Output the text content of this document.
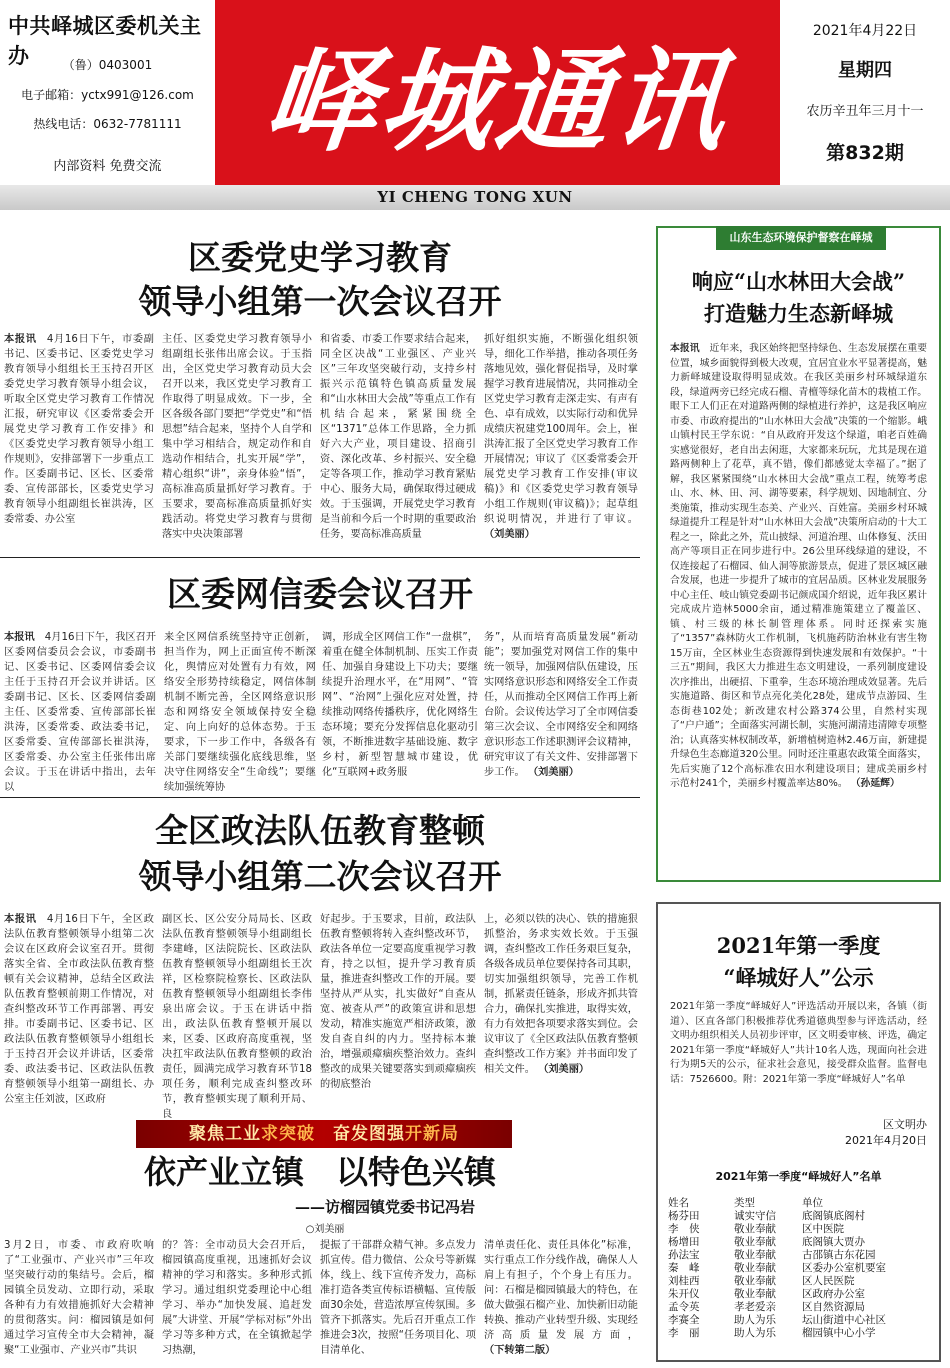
中共峄城区委机关主办	（鲁）0403001
电子邮箱：yctx991@126.com
热线电话：0632-7781111
内部资料 免费交流 峄城通讯
2021年4月22日
星期四
农历辛丑年三月十一
第832期
YI CHENG TONG XUN
区委党史学习教育
领导小组第一次会议召开
本报讯  4月16日下午，市委副书记、区委书记、区委党史学习教育领导小组组长王玉持召开区委党史学习教育领导小组会议，听取全区党史学习教育工作情况汇报，研究审议《区委常委会开展党史学习教育工作安排》和《区委党史学习教育领导小组工作规则》，安排部署下一步重点工作。区委副书记、区长、区委常委、宣传部部长，区委党史学习教育领导小组副组长崔洪涛，区委常委、办公室
主任、区委党史学习教育领导小组副组长张伟出席会议。于玉指出，全区党史学习教育动员大会召开以来，我区党史学习教育工作取得了明显成效。下一步，全区各级各部门要把“学党史”和“悟思想”结合起来，坚持个人自学和集中学习相结合，规定动作和自选动作相结合，扎实开展“学”，精心组织“讲”，亲身体验“悟”，高标准高质量抓好学习教育。于玉要求，要高标准高质量抓好实践活动。将党史学习教育与贯彻落实中央决策部署
和省委、市委工作要求结合起来，同全区决战“工业强区、产业兴区”三年攻坚突破行动，支持乡村振兴示范镇特色镇高质量发展和“山水林田大会战”等重点工作有机结合起来，紧紧围绕全区“1371”总体工作思路，全力抓好六大产业，项目建设、招商引资、深化改革、乡村振兴、安全稳定等各项工作，推动学习教育紧贴中心、服务大局，确保取得过硬成效。于玉强调，开展党史学习教育是当前和今后一个时期的重要政治任务，要高标准高质量
抓好组织实施，不断强化组织领导，细化工作举措，推动各项任务落地见效，强化督促指导，及时掌握学习教育进展情况，共同推动全区党史学习教育走深走实、有声有色、卓有成效，以实际行动和优异成绩庆祝建党100周年。会上，崔洪涛汇报了全区党史学习教育工作开展情况；审议了《区委常委会开展党史学习教育工作安排(审议稿)》和《区委党史学习教育领导小组工作规则(审议稿)》；起草组织说明情况，并进行了审议。 （刘美丽）
区委网信委会议召开
本报讯  4月16日下午，我区召开区委网信委员会会议，市委副书记、区委书记、区委网信委会议主任于玉持召开会议并讲话。区委副书记、区长、区委网信委副主任、区委常委、宣传部部长崔洪涛，区委常委、政法委书记，区委常委、宣传部部长崔洪涛，区委常委、办公室主任张伟出席会议。于玉在讲话中指出，去年以
来全区网信系统坚持守正创新，担当作为，网上正面宣传不断深化，舆情应对处置有力有效，网络安全形势持续稳定，网信体制机制不断完善，全区网络意识形态和网络安全领域保持安全稳定、向上向好的总体态势。于玉要求，下一步工作中，各级各有关部门要继续强化底线思维，坚决守住网络安全“生命线”；要继续加强统筹协
调，形成全区网信工作“一盘棋”，着重在健全体制机制、压实工作责任、加强自身建设上下功夫；要继续提升治理水平，在“用网”、“管网”、“治网”上强化应对处置，持续推动网络传播秩序，优化网络生态环境；要充分发挥信息化驱动引领，不断推进数字基础设施、数字乡村，新型智慧城市建设，优化“互联网+政务服
务”，从而培育高质量发展“新动能”；要加强党对网信工作的集中统一领导，加强网信队伍建设，压实网络意识形态和网络安全工作责任，从而推动全区网信工作再上新台阶。会议传达学习了全市网信委第三次会议、全市网络安全和网络意识形态工作述职测评会议精神，研究审议了有关文件、安排部署下步工作。 （刘美丽）
全区政法队伍教育整顿
领导小组第二次会议召开
本报讯  4月16日下午，全区政法队伍教育整顿领导小组第二次会议在区政府会议室召开。贯彻落实全省、全市政法队伍教育整顿有关会议精神，总结全区政法队伍教育整顿前期工作情况，对查纠整改环节工作再部署、再安排。市委副书记、区委书记、区政法队伍教育整顿领导小组组长于玉持召开会议并讲话，区委常委、政法委书记、区政法队伍教育整顿领导小组第一副组长、办公室主任刘波，区政府
副区长、区公安分局局长、区政法队伍教育整顿领导小组副组长李建峰，区法院院长、区政法队伍教育整顿领导小组副组长王次祥，区检察院检察长、区政法队伍教育整顿领导小组副组长李伟泉出席会议。于玉在讲话中指出，政法队伍教育整顿开展以来，区委、区政府高度重视，坚决扛牢政法队伍教育整顿的政治责任，圆满完成学习教育环节18项任务，顺利完成查纠整改环节，教育整顿实现了顺利开局、良
好起步。于玉要求，目前，政法队伍教育整顿将转入查纠整改环节，政法各单位一定要高度重视学习教育，持之以恒，提升学习教育质量，推进查纠整改工作的开展。要坚持从严从实，扎实做好“自查从宽、被查从严”的政策宣讲和思想发动，精准实施宽严相济政策，激发自查自纠的内力。坚持标本兼治，增强顽瘴痼疾整治效力。查纠整改的成果关键要落实到顽瘴痼疾的彻底整治
上，必须以铁的决心、铁的措施狠抓整治，务求实效长效。于玉强调，查纠整改工作任务艰巨复杂，各级各成员单位要保持各司其职，切实加强组织领导，完善工作机制，抓紧责任链条，形成齐抓共管合力，确保扎实推进，取得实效，有力有效把各项要求落实到位。会议审议了《全区政法队伍教育整顿查纠整改工作方案》并书面印发了相关文件。 （刘美丽）
聚焦工业求突破  奋发图强开新局
依产业立镇　以特色兴镇
——访榴园镇党委书记冯岩
○刘美丽
3月2日，市委、市政府吹响了“工业强市、产业兴市”三年攻坚突破行动的集结号。会后，榴园镇全员发动、立即行动，采取各种有力有效措施抓好大会精神的贯彻落实。问：榴园镇是如何通过学习宣传全市大会精神，凝聚“工业强市、产业兴市”共识
的？答：全市动员大会召开后，榴园镇高度重视，迅速抓好会议精神的学习和落实。多种形式抓学习。通过组织党委理论中心组学习、举办“加快发展、追赶发展”大讲堂、开展“学标对标”外出学习等多种方式，在全镇掀起学习热潮，
提振了干部群众精气神。多点发力抓宣传。借力微信、公众号等新媒体，线上、线下宣传齐发力，高标准打造各类宣传标语横幅、宣传版面30余处，营造浓厚宣传氛围。多管齐下抓落实。先后召开重点工作推进会3次，按照“任务项目化、项目清单化、
清单责任化、责任具体化”标准，实行重点工作分线作战，确保人人肩上有担子，个个身上有压力。问：石榴是榴园镇最大的特色，在做大做强石榴产业、加快新旧动能转换、推动产业转型升级、实现经济高质量发展方面，（下转第二版）
山东生态环境保护督察在峄城
响应“山水林田大会战”
打造魅力生态新峄城
本报讯  近年来，我区始终把坚持绿色、生态发展摆在重要位置，城乡面貌得到极大改观，宜居宜业水平显著提高，魅力新峄城建设取得明显成效。在我区美丽乡村环城绿道东段，绿道两旁已经完成石榴、青檀等绿化苗木的栽植工作。眼下工人们正在对道路两侧的绿植进行养护，这是我区响应市委、市政府提出的“山水林田大会战”决策的一个缩影。峨山镇村民王学东说：“自从政府开发这个绿道，咱老百姓确实感觉很好，老自出去闲逛，大家都来玩玩，尤其是现在道路两侧种上了花草，真不错，像们都感觉太幸福了。”据了解，我区紧紧围绕“山水林田大会战”重点工程，统筹考虑山、水、林、田、河、湖等要素，科学规划、因地制宜、分类施策，推动实现生态美、产业兴、百姓富。美丽乡村环城绿道提升工程是针对“山水林田大会战”决策所启动的十大工程之一，除此之外，荒山披绿、河道治理、山体修复、沃田高产等项目正在同步进行中。26公里环线绿道的建设，不仅连接起了石榴园、仙人洞等旅游景点，促进了景区城区融合发展，也进一步提升了城市的宜居品质。区林业发展服务中心主任、岐山镇党委副书记颜成国介绍说，近年我区累计完成成片造林5000余亩，通过精准施策建立了覆盖区、镇、村三级的林长制管理体系。同时还探索实施了“1357”森林防火工作机制，飞机施药防治林业有害生物15万亩，全区林业生态资源得到快速发展和有效保护。“十三五”期间，我区大力推进生态文明建设，一系列制度建设次序推出，出硬招、下重拳，生态环境治理成效显著。先后实施道路、街区和节点亮化美化28处，建成节点游园、生态街巷102处；新改建农村公路374公里，自然村实现了“户户通”；全面落实河湖长制，实施河湖清违清障专项整治；认真落实林权制改革，新增植树造林2.46万亩，新建提升绿色生态廊道320公里。同时还注重惠农政策全面落实，先后实施了12个高标准农田水利建设项目；建成美丽乡村示范村241个，美丽乡村覆盖率达80%。 （孙延辉）
2021年第一季度
“峄城好人”公示
2021年第一季度“峄城好人”评选活动开展以来，各镇（街道）、区直各部门积极推荐优秀道德典型参与评选活动，经文明办组织相关人员初步评审，区文明委审核、评选，确定2021年第一季度“峄城好人”共计10名人选，现面向社会进行为期5天的公示，征求社会意见，接受群众监督。监督电话：7526600。附：2021年第一季度“峄城好人”名单
区文明办
2021年4月20日
2021年第一季度“峄城好人”名单
姓名	类型	单位
杨芬田	诚实守信	底阁镇底阁村
李　侠	敬业奉献	区中医院
杨增田	敬业奉献	底阁镇大贾办
孙法宝	敬业奉献	古邵镇古东花园
秦　峰	敬业奉献	区委办公室机要室
刘桂西	敬业奉献	区人民医院
朱开仪	敬业奉献	区政府办公室
孟令英	孝老爱亲	区自然资源局
李赛全	助人为乐	坛山街道中心社区
李　丽	助人为乐	榴园镇中心小学
